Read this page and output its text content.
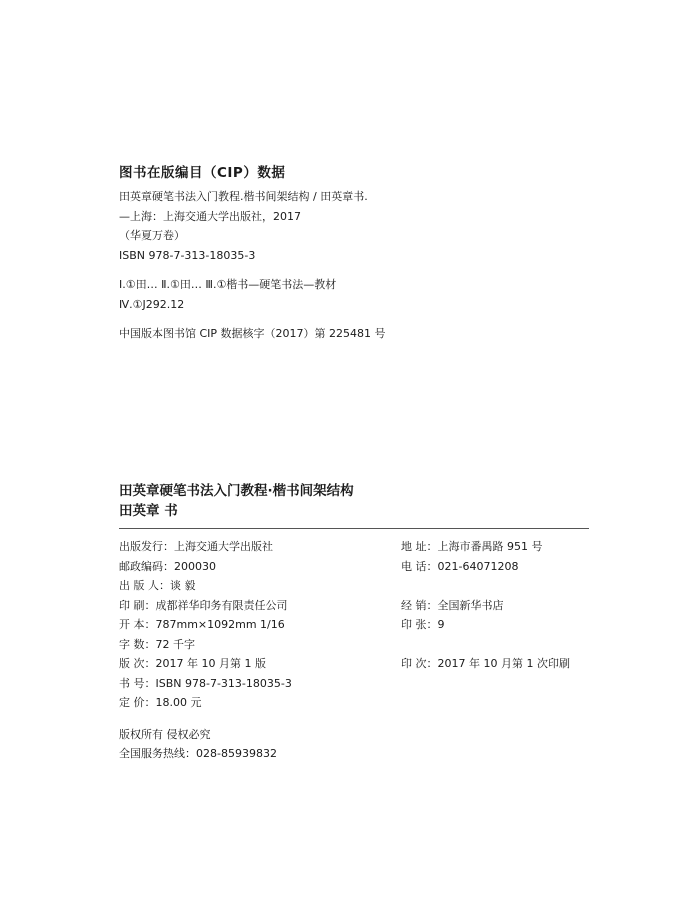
图书在版编目（CIP）数据
田英章硬笔书法入门教程.楷书间架结构 / 田英章书.
—上海：上海交通大学出版社，2017
（华夏万卷）
ISBN 978-7-313-18035-3
Ⅰ.①田… Ⅱ.①田… Ⅲ.①楷书—硬笔书法—教材
Ⅳ.①J292.12
中国版本图书馆 CIP 数据核字（2017）第 225481 号
田英章硬笔书法入门教程·楷书间架结构
田英章 书
出版发行：上海交通大学出版社	地 址：上海市番禺路 951 号
邮政编码：200030	电 话：021-64071208
出 版 人：谈 毅
印 刷：成都祥华印务有限责任公司	经 销：全国新华书店
开 本：787mm×1092mm 1/16	印 张：9
字 数：72 千字
版 次：2017 年 10 月第 1 版	印 次：2017 年 10 月第 1 次印刷
书 号：ISBN 978-7-313-18035-3
定 价：18.00 元
版权所有 侵权必究
全国服务热线：028-85939832
